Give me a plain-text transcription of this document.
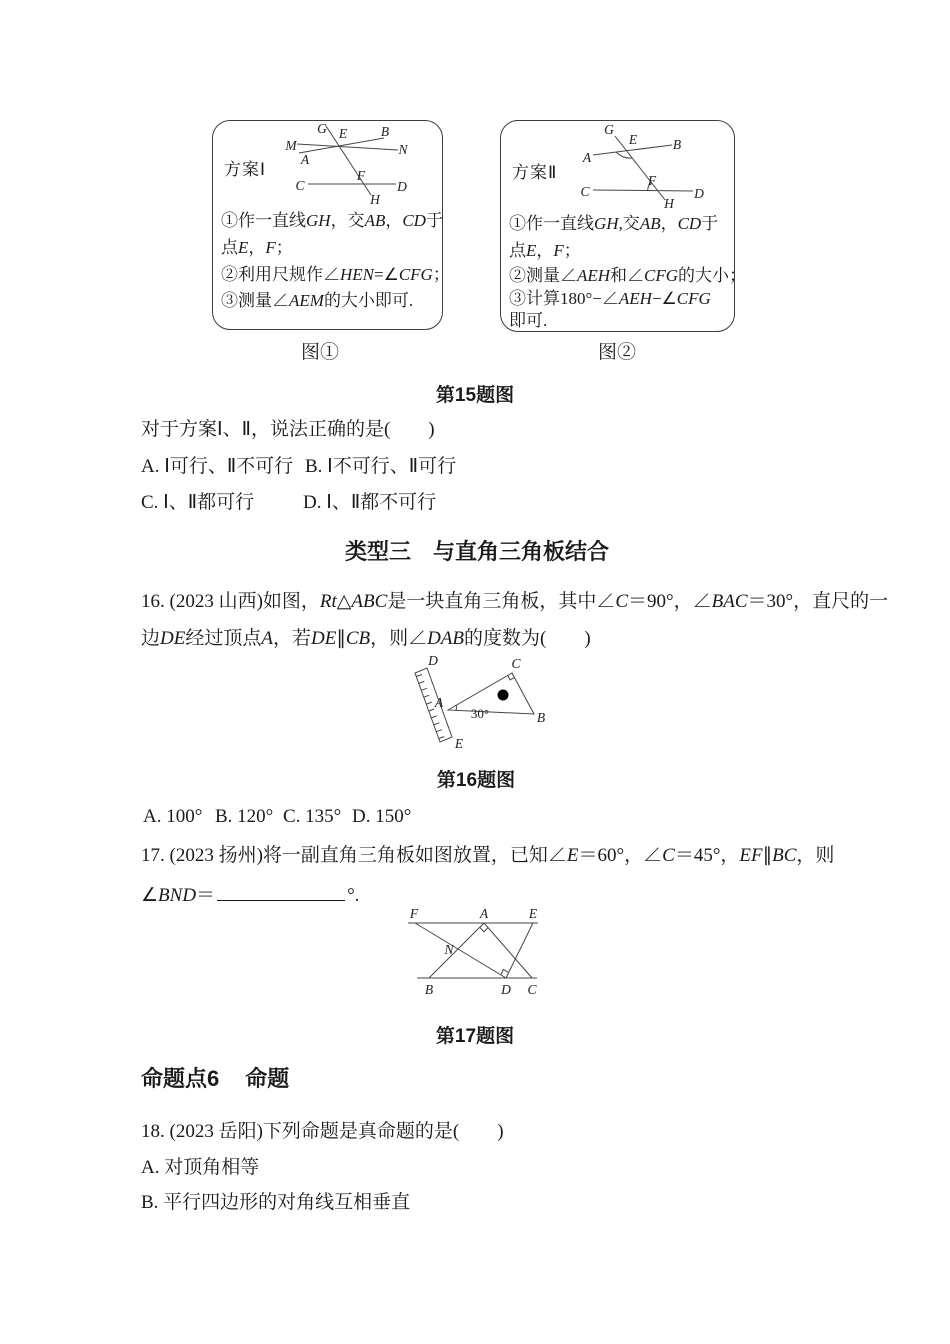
方案Ⅰ
M
A
G E	B
N
C
F
H
D
①作一直线GH，交AB，CD于
点E，F；
②利用尺规作∠HEN=∠CFG；
③测量∠AEM的大小即可.
方案Ⅱ
G
E	B
A
C
F
H
D
①作一直线GH,交AB，CD于
点E，F；
②测量∠AEH和∠CFG的大小；
③计算180°−∠AEH−∠CFG
即可.
图①	图②
第15题图
对于方案Ⅰ、Ⅱ，说法正确的是(　　)
A. Ⅰ可行、Ⅱ不可行 B. Ⅰ不可行、Ⅱ可行
C. Ⅰ、Ⅱ都可行	D. Ⅰ、Ⅱ都不可行
类型三　与直角三角板结合
16. (2023 山西)如图，Rt△ABC是一块直角三角板，其中∠C＝90°，∠BAC＝30°，直尺的一
边DE经过顶点A，若DE∥CB，则∠DAB的度数为(　　)
D
E
A
C
B
30°
第16题图
A. 100° B. 120° C. 135° D. 150°
17. (2023 扬州)将一副直角三角板如图放置，已知∠E＝60°，∠C＝45°，EF∥BC，则
∠BND＝	°.
F	A	E
B	D C
N
第17题图
命题点6 命题
18. (2023 岳阳)下列命题是真命题的是(　　)
A. 对顶角相等
B. 平行四边形的对角线互相垂直
